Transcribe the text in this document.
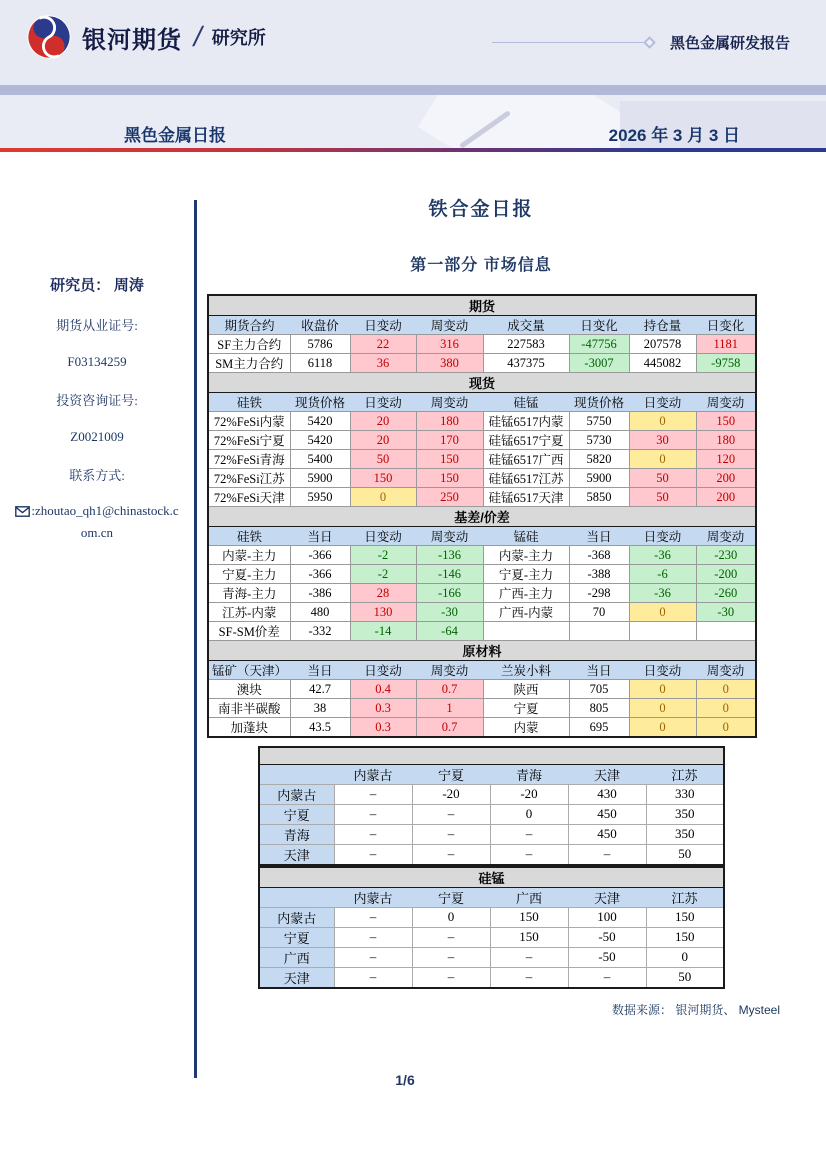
银河期货 / 研究所	黑色金属研发报告
黑色金属日报	2026 年 3 月 3 日
研究员： 周涛
期货从业证号:
F03134259
投资咨询证号:
Z0021009
联系方式:
:zhoutao_qh1@chinastock.com.cn
铁合金日报
第一部分 市场信息
期货							
期货合约	收盘价	日变动	周变动	成交量	日变化	持仓量	日变化
SF主力合约	5786	22	316	227583	-47756	207578	1181
SM主力合约	6118	36	380	437375	-3007	445082	-9758
现货							
硅铁	现货价格	日变动	周变动	硅锰	现货价格	日变动	周变动
72%FeSi内蒙	5420	20	180	硅锰6517内蒙	5750	0	150
72%FeSi宁夏	5420	20	170	硅锰6517宁夏	5730	30	180
72%FeSi青海	5400	50	150	硅锰6517广西	5820	0	120
72%FeSi江苏	5900	150	150	硅锰6517江苏	5900	50	200
72%FeSi天津	5950	0	250	硅锰6517天津	5850	50	200
基差/价差							
硅铁	当日	日变动	周变动	锰硅	当日	日变动	周变动
内蒙-主力	-366	-2	-136	内蒙-主力	-368	-36	-230
宁夏-主力	-366	-2	-146	宁夏-主力	-388	-6	-200
青海-主力	-386	28	-166	广西-主力	-298	-36	-260
江苏-内蒙	480	130	-30	广西-内蒙	70	0	-30
SF-SM价差	-332	-14	-64				
原材料							
锰矿（天津）	当日	日变动	周变动	兰炭小料	当日	日变动	周变动
澳块	42.7	0.4	0.7	陕西	705	0	0
南非半碳酸	38	0.3	1	宁夏	805	0	0
加蓬块	43.5	0.3	0.7	内蒙	695	0	0

	内蒙古	宁夏	青海	天津	江苏
内蒙古	–	-20	-20	430	330
宁夏	–	–	0	450	350
青海	–	–	–	450	350
天津	–	–	–	–	50
硅锰					
	内蒙古	宁夏	广西	天津	江苏
内蒙古	–	0	150	100	150
宁夏	–	–	150	-50	150
广西	–	–	–	-50	0
天津	–	–	–	–	50
数据来源： 银河期货、 Mysteel
1/6
